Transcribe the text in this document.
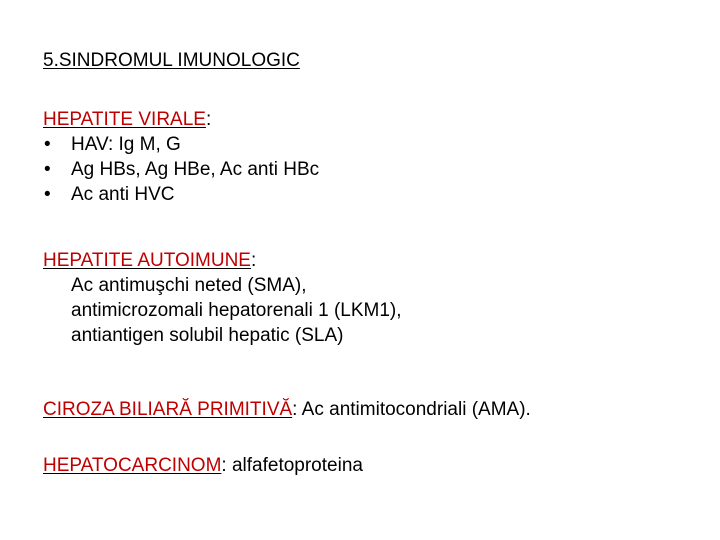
5.SINDROMUL IMUNOLOGIC

HEPATITE VIRALE:

•	HAV: Ig M, G
•	Ag HBs, Ag HBe, Ac anti HBc
•	Ac anti HVC

HEPATITE AUTOIMUNE:

Ac antimuşchi neted (SMA),

antimicrozomali hepatorenali 1 (LKM1),

antiantigen solubil hepatic (SLA)

CIROZA BILIARĂ PRIMITIVĂ: Ac antimitocondriali (AMA).

HEPATOCARCINOM: alfafetoproteina
